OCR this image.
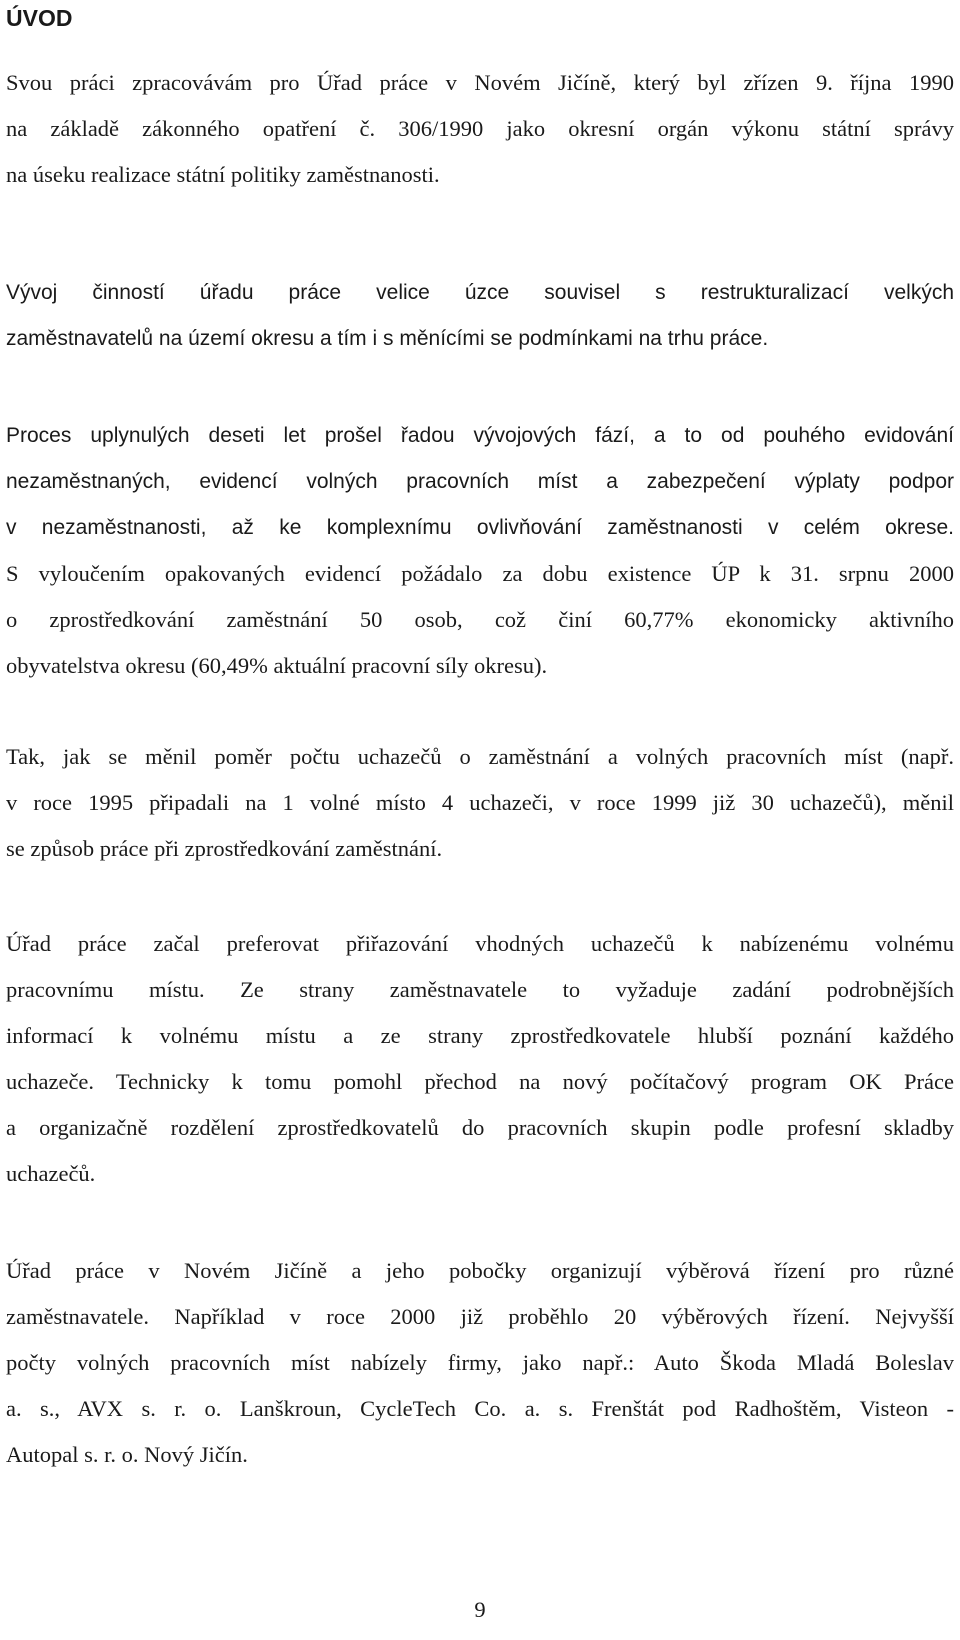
ÚVOD
Svou práci zpracovávám pro Úřad práce v Novém Jičíně, který byl zřízen 9. října 1990
na základě zákonného opatření č. 306/1990 jako okresní orgán výkonu státní správy
na úseku realizace státní politiky zaměstnanosti.
Vývoj činností úřadu práce velice úzce souvisel s restrukturalizací velkých
zaměstnavatelů na území okresu a tím i s měnícími se podmínkami na trhu práce.
Proces uplynulých deseti let prošel řadou vývojových fází, a to od pouhého evidování
nezaměstnaných, evidencí volných pracovních míst a zabezpečení výplaty podpor
v nezaměstnanosti, až ke komplexnímu ovlivňování zaměstnanosti v celém okrese.
S vyloučením opakovaných evidencí požádalo za dobu existence ÚP k 31. srpnu 2000
o zprostředkování zaměstnání 50 osob, což činí 60,77% ekonomicky aktivního
obyvatelstva okresu (60,49% aktuální pracovní síly okresu).
Tak, jak se měnil poměr počtu uchazečů o zaměstnání a volných pracovních míst (např.
v roce 1995 připadali na 1 volné místo 4 uchazeči, v roce 1999 již 30 uchazečů), měnil
se způsob práce při zprostředkování zaměstnání.
Úřad práce začal preferovat přiřazování vhodných uchazečů k nabízenému volnému
pracovnímu místu. Ze strany zaměstnavatele to vyžaduje zadání podrobnějších
informací k volnému místu a ze strany zprostředkovatele hlubší poznání každého
uchazeče. Technicky k tomu pomohl přechod na nový počítačový program OK Práce
a organizačně rozdělení zprostředkovatelů do pracovních skupin podle profesní skladby
uchazečů.
Úřad práce v Novém Jičíně a jeho pobočky organizují výběrová řízení pro různé
zaměstnavatele. Například v roce 2000 již proběhlo 20 výběrových řízení. Nejvyšší
počty volných pracovních míst nabízely firmy, jako např.: Auto Škoda Mladá Boleslav
a. s., AVX s. r. o. Lanškroun, CycleTech Co. a. s. Frenštát pod Radhoštěm, Visteon -
Autopal s. r. o. Nový Jičín.
9
